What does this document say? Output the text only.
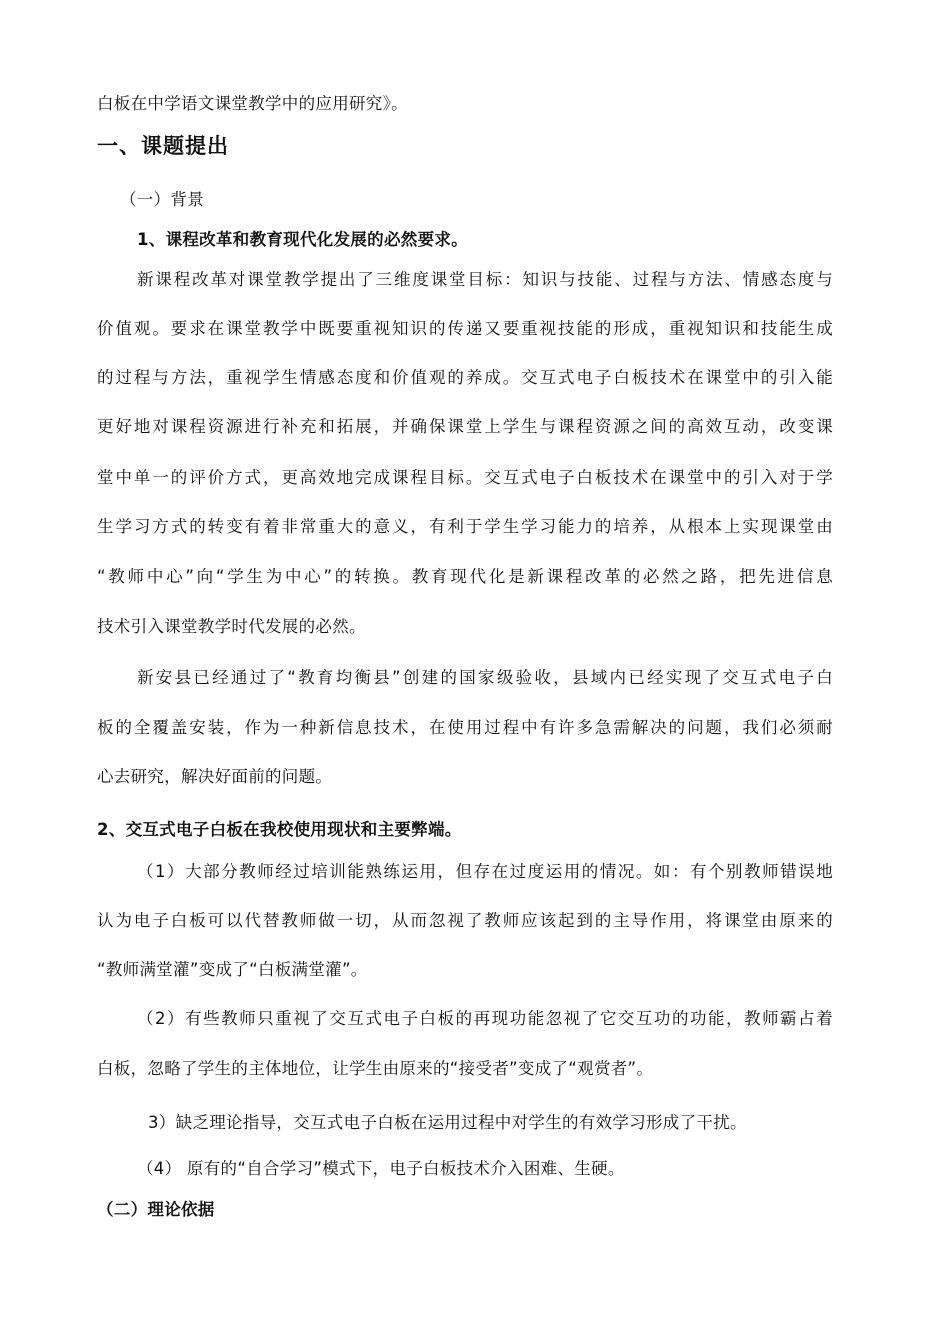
白板在中学语文课堂教学中的应用研究》。
一、课题提出
（一）背景
1、课程改革和教育现代化发展的必然要求。
新课程改革对课堂教学提出了三维度课堂目标：知识与技能、过程与方法、情感态度与
价值观。要求在课堂教学中既要重视知识的传递又要重视技能的形成，重视知识和技能生成
的过程与方法，重视学生情感态度和价值观的养成。交互式电子白板技术在课堂中的引入能
更好地对课程资源进行补充和拓展，并确保课堂上学生与课程资源之间的高效互动，改变课
堂中单一的评价方式，更高效地完成课程目标。交互式电子白板技术在课堂中的引入对于学
生学习方式的转变有着非常重大的意义，有利于学生学习能力的培养，从根本上实现课堂由
“教师中心”向“学生为中心”的转换。教育现代化是新课程改革的必然之路，把先进信息
技术引入课堂教学时代发展的必然。
新安县已经通过了“教育均衡县”创建的国家级验收，县域内已经实现了交互式电子白
板的全覆盖安装，作为一种新信息技术，在使用过程中有许多急需解决的问题，我们必须耐
心去研究，解决好面前的问题。
2、交互式电子白板在我校使用现状和主要弊端。
（1）大部分教师经过培训能熟练运用，但存在过度运用的情况。如：有个别教师错误地
认为电子白板可以代替教师做一切，从而忽视了教师应该起到的主导作用，将课堂由原来的
“教师满堂灌”变成了“白板满堂灌”。
（2）有些教师只重视了交互式电子白板的再现功能忽视了它交互功的功能，教师霸占着
白板，忽略了学生的主体地位，让学生由原来的“接受者”变成了“观赏者”。
3）缺乏理论指导，交互式电子白板在运用过程中对学生的有效学习形成了干扰。
（4） 原有的“自合学习”模式下，电子白板技术介入困难、生硬。
（二）理论依据
